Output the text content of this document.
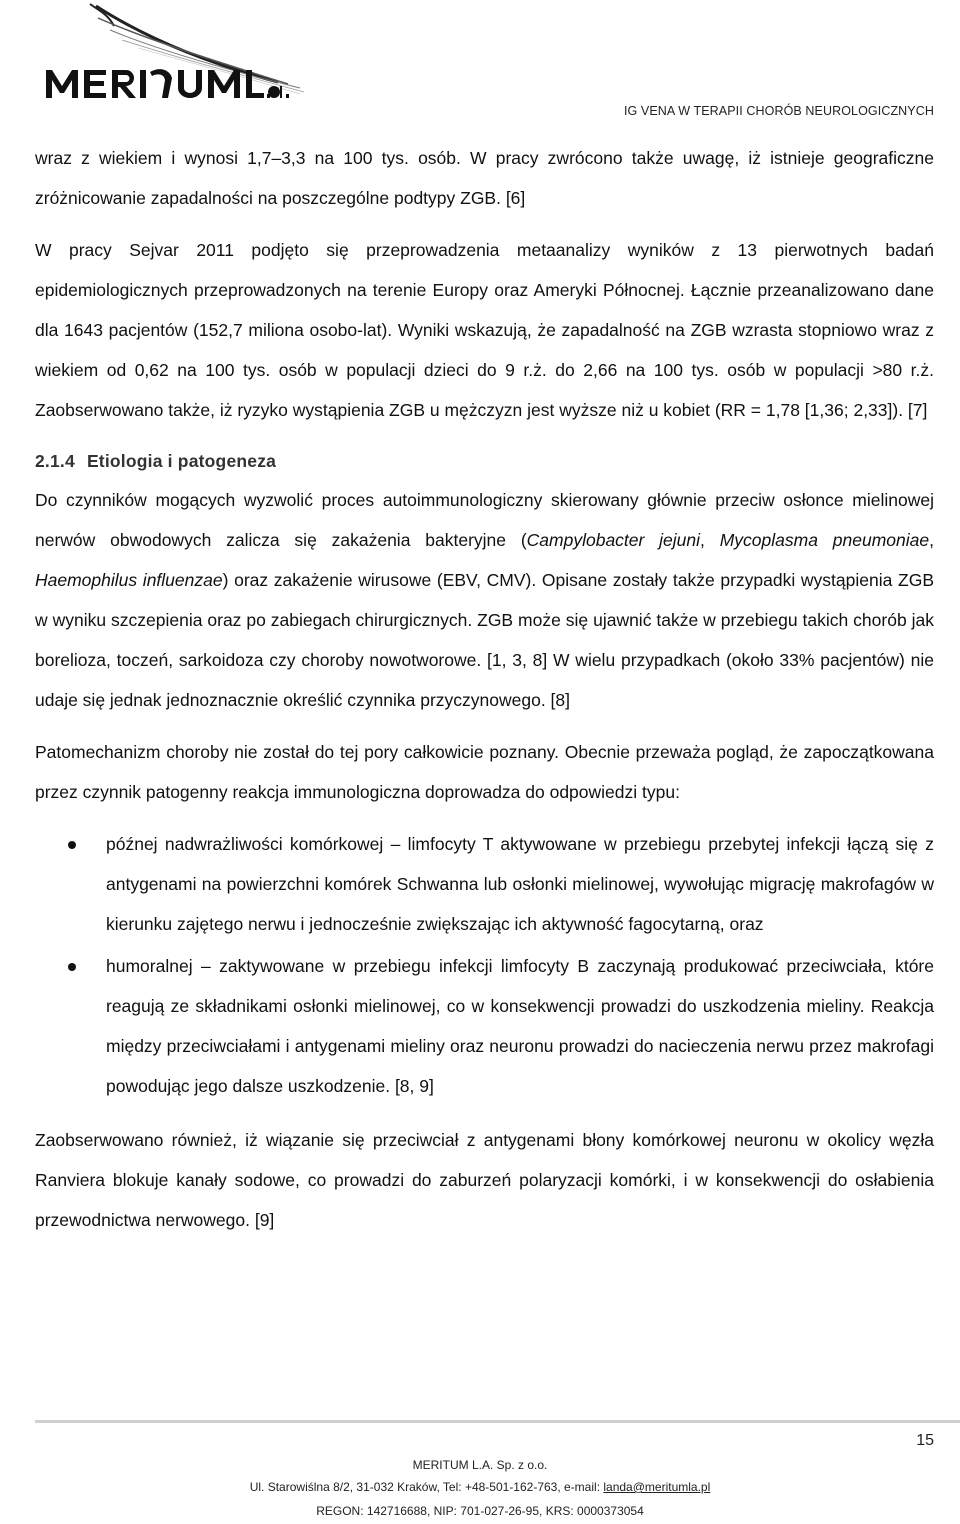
IG VENA W TERAPII CHORÓB NEUROLOGICZNYCH

wraz z wiekiem i wynosi 1,7–3,3 na 100 tys. osób. W pracy zwrócono także uwagę, iż istnieje geograficzne zróżnicowanie zapadalności na poszczególne podtypy ZGB. [6]

W pracy Sejvar 2011 podjęto się przeprowadzenia metaanalizy wyników z 13 pierwotnych badań epidemiologicznych przeprowadzonych na terenie Europy oraz Ameryki Północnej. Łącznie przeanalizowano dane dla 1643 pacjentów (152,7 miliona osobo-lat). Wyniki wskazują, że zapadalność na ZGB wzrasta stopniowo wraz z wiekiem od 0,62 na 100 tys. osób w populacji dzieci do 9 r.ż. do 2,66 na 100 tys. osób w populacji >80 r.ż. Zaobserwowano także, iż ryzyko wystąpienia ZGB u mężczyzn jest wyższe niż u kobiet (RR = 1,78 [1,36; 2,33]). [7]

2.1.4 Etiologia i patogeneza

Do czynników mogących wyzwolić proces autoimmunologiczny skierowany głównie przeciw osłonce mielinowej nerwów obwodowych zalicza się zakażenia bakteryjne (Campylobacter jejuni, Mycoplasma pneumoniae, Haemophilus influenzae) oraz zakażenie wirusowe (EBV, CMV). Opisane zostały także przypadki wystąpienia ZGB w wyniku szczepienia oraz po zabiegach chirurgicznych. ZGB może się ujawnić także w przebiegu takich chorób jak borelioza, toczeń, sarkoidoza czy choroby nowotworowe. [1, 3, 8] W wielu przypadkach (około 33% pacjentów) nie udaje się jednak jednoznacznie określić czynnika przyczynowego. [8]

Patomechanizm choroby nie został do tej pory całkowicie poznany. Obecnie przeważa pogląd, że zapoczątkowana przez czynnik patogenny reakcja immunologiczna doprowadza do odpowiedzi typu:

późnej nadwrażliwości komórkowej – limfocyty T aktywowane w przebiegu przebytej infekcji łączą się z antygenami na powierzchni komórek Schwanna lub osłonki mielinowej, wywołując migrację makrofagów w kierunku zajętego nerwu i jednocześnie zwiększając ich aktywność fagocytarną, oraz
humoralnej – zaktywowane w przebiegu infekcji limfocyty B zaczynają produkować przeciwciała, które reagują ze składnikami osłonki mielinowej, co w konsekwencji prowadzi do uszkodzenia mieliny. Reakcja między przeciwciałami i antygenami mieliny oraz neuronu prowadzi do nacieczenia nerwu przez makrofagi powodując jego dalsze uszkodzenie. [8, 9]

Zaobserwowano również, iż wiązanie się przeciwciał z antygenami błony komórkowej neuronu w okolicy węzła Ranviera blokuje kanały sodowe, co prowadzi do zaburzeń polaryzacji komórki, i w konsekwencji do osłabienia przewodnictwa nerwowego. [9]

15
MERITUM L.A. Sp. z o.o.
Ul. Starowiślna 8/2, 31-032 Kraków, Tel: +48-501-162-763, e-mail: landa@meritumla.pl
REGON: 142716688, NIP: 701-027-26-95, KRS: 0000373054
